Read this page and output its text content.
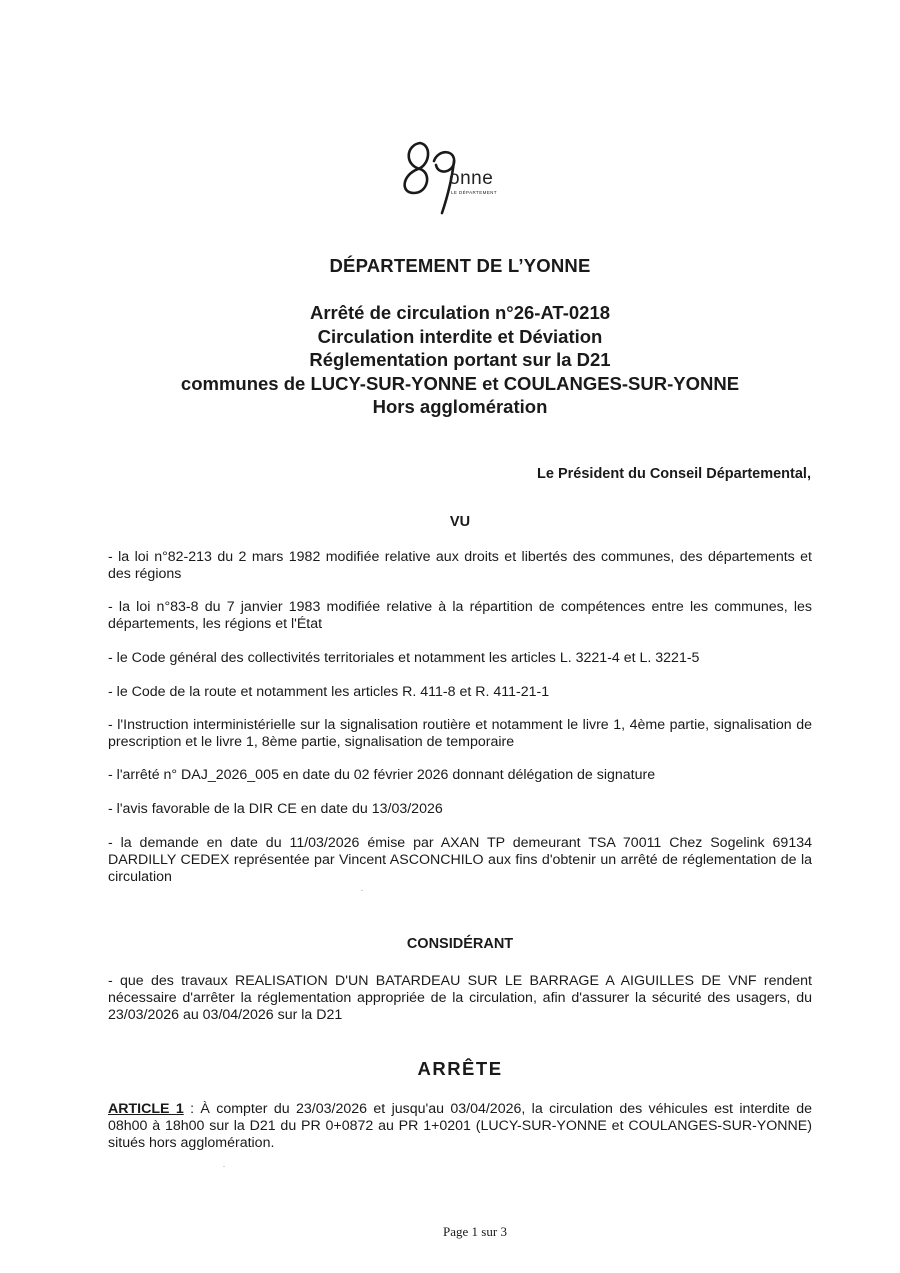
onne
LE DÉPARTEMENT
DÉPARTEMENT DE L’YONNE
Arrêté de circulation n°26-AT-0218
Circulation interdite et Déviation
Réglementation portant sur la D21
communes de LUCY-SUR-YONNE et COULANGES-SUR-YONNE
Hors agglomération
Le Président du Conseil Départemental,
VU
- la loi n°82-213 du 2 mars 1982 modifiée relative aux droits et libertés des communes, des départements et des régions
- la loi n°83-8 du 7 janvier 1983 modifiée relative à la répartition de compétences entre les communes, les départements, les régions et l'État
- le Code général des collectivités territoriales et notamment les articles L. 3221-4 et L. 3221-5
- le Code de la route et notamment les articles R. 411-8 et R. 411-21-1
- l'Instruction interministérielle sur la signalisation routière et notamment le livre 1, 4ème partie, signalisation de prescription et le livre 1, 8ème partie, signalisation de temporaire
- l'arrêté n° DAJ_2026_005 en date du 02 février 2026 donnant délégation de signature
- l'avis favorable de la DIR CE en date du 13/03/2026
- la demande en date du 11/03/2026 émise par AXAN TP demeurant TSA 70011 Chez Sogelink 69134 DARDILLY CEDEX représentée par Vincent ASCONCHILO aux fins d'obtenir un arrêté de réglementation de la circulation
CONSIDÉRANT
- que des travaux REALISATION D'UN BATARDEAU SUR LE BARRAGE A AIGUILLES DE VNF rendent nécessaire d'arrêter la réglementation appropriée de la circulation, afin d'assurer la sécurité des usagers, du 23/03/2026 au 03/04/2026 sur la D21
ARRÊTE
ARTICLE 1 : À compter du 23/03/2026 et jusqu'au 03/04/2026, la circulation des véhicules est interdite de 08h00 à 18h00 sur la D21 du PR 0+0872 au PR 1+0201 (LUCY-SUR-YONNE et COULANGES-SUR-YONNE) situés hors agglomération.
Page 1 sur 3
